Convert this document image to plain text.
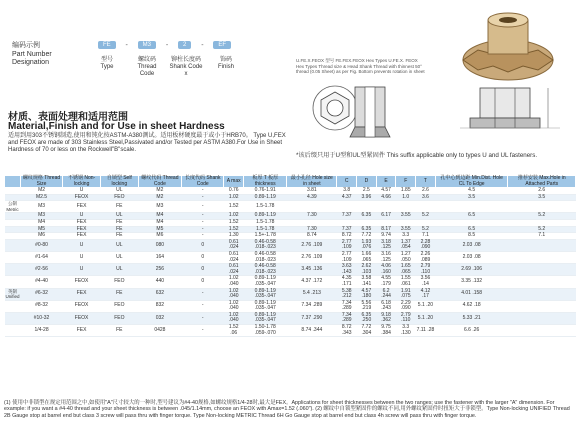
编码示例
Part Number Designation
FE	-	M3	-	2	-	EF
型号
Type
螺纹码
Thread Code
铆柱长度码
Shank Code x
饰码
Finish
U.FE.X.FEOX 型号 FE.FEX.FEOX Hex Types U.FE.X. FEOX Hex Types Thread size & Head Shank Thread with thinnest 50° thread (0.05 Sheet) as per Fig. Bottom prevents rotation in sheet
材质、表面处理和适用范围
Material,Finish and for Use in sheet Hardness
适用到用303不锈钢制造,使用和钝化按ASTM-A380测试。适用板材硬度最于或小于HRB70。 Type U,FEX and FEOX are made of 303 Stainless Steel,Passivated and/or Tested per ASTM A380.For Use in Sheet Hardness of 70 or less on the Rockwell"B"scale.
*该后缀只用于U型和UL型紧固件 This suffix applicable only to types U and UL fasteners.
	螺纹规格 Thread Size	不锈钢 Non-locking	自锁型 Self locking	螺纹代码 Thread Code	长度代码 Shank Code	A max	板厚 T 板厚 thickness	最小孔径 Hole size in sheet	C	D	E	F	T	孔中心到边距 Min.Dist. Hole CL To Edge	推荐安装 Max.Hole in Attached Parts
	M2	U	UL	M2	-	0.76	0.76-1.91	3.81	3.8	2.5	4.57	1.85	2.6	4.5	2.6
	M2.5	FEOX	FEO	M2	-	1.02	0.89-1.19	4.39	4.37	3.96	4.66	1.0	3.6	3.5	3.5
公制 Metric	M3	FEX	FE	M3	-	1.52	1.5-1.78								
	M3	U	UL	M4	-	1.02	0.89-1.19	7.30	7.37	6.35	6.17	3.55	5.2	6.5	5.2
	M4	FEX	FE	M4	-	1.52	1.5-1.78								
	M5	FEX	FE	M5	-	1.52	1.5-1.78	7.30	7.37	6.35	8.17	3.55	5.2	6.5	5.2
	M6	FEX	FE	M6	-	1.30	1.5+-1.78	8.74	8.72	7.72	9.74	3.3	7.1	8.5	7.1
	#0-80	U	UL	080	0	0.61 .024	0.46-0.58 .018-.023	2.76 .109	2.77 .109	1.93 .076	3.18 .125	1.37 .054	2.28 .090	2.03 .08	
	#1-64	U	UL	164	0	0.61 .024	0.46-0.58 .018-.023	2.76 .109	2.77 .109	1.66 .065	3.16 .125	1.27 .050	2.26 .089	2.03 .08	
	#2-56	U	UL	256	0	0.61 .024	0.46-0.58 .018-.023	3.45 .136	3.63 .143	2.62 .103	4.06 .160	1.65 .065	2.79 .110	2.69 .106	
	#4-40	FEOX	FEO	440	0	1.02 .040	0.89-1.19 .035-.047	4.37 .172	4.35 .171	3.58 .141	4.55 .179	1.55 .061	3.56 .14	3.35 .132	
英制 Unified	#6-32	FEX	FE	632	-	1.02 .040	0.89-1.19 .035-.047	5.4 .213	5.38 .212	4.57 .180	6.2 .244	1.91 .075	4.12 .17	4.01 .158	
	#8-32	FEOX	FEO	832	-	1.02 .040	0.89-1.19 .035-.047	7.34 .289	7.34 .289	5.56 .219	6.18 .243	2.29 .090	5.1 .20	4.62 .18	
	#10-32	FEOX	FEO	032	-	1.02 .040	0.89-1.19 .035-.047	7.37 .290	7.34 .289	6.35 .250	9.18 .362	2.79 .110	5.1 .20	5.33 .21	
	1/4-28	FEX	FE	0428	-	1.52 .06	1.50-1.78 .059-.070	8.74 .344	8.72 .343	7.72 .304	9.75 .384	3.3 .130	7.11 .28	6.6 .26	
(1) 使用中非锁型在规定用范围之中,如使用"A"尺寸较大的一种时,型号建议为#4-40规格,如螺纹规格1/4-28时,最大是FEX。Applications for sheet thicknesses between the two ranges; use the fastener with the larger "A" dimension. For example: if you want a #4-40 thread and your sheet thickness is between .045/1.14mm, choose an FEOX with Amax=1.52 (.060"). (2) 螺纹中自锁型紧固件的螺纹不同,用外螺纹紧固件时扭矩大于非锁型。Type Non-locking UNIFIED Thread 2B Gauge stop at barrel end but class 3 screw will pass thru with finger torque. Type Non-locking METRIC Thread 6H Go Gauge stop at barrel end but class 4h screw will pass thru with finger torque.
